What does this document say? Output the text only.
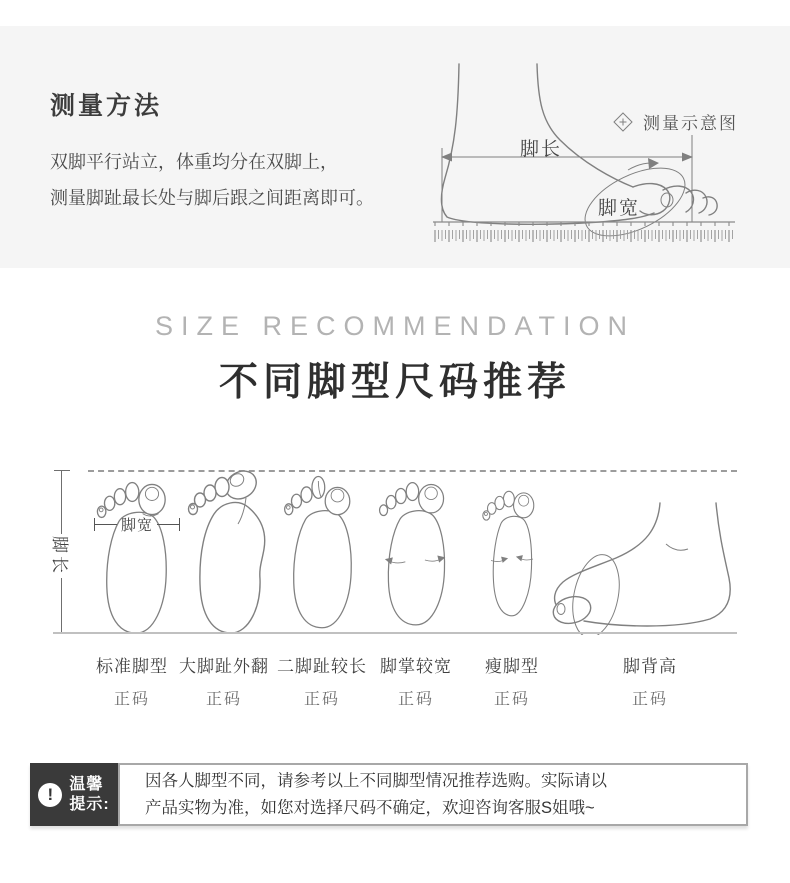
测量示意图
测量方法
双脚平行站立，体重均分在双脚上，
测量脚趾最长处与脚后跟之间距离即可。
脚长
脚宽
SIZE RECOMMENDATION
不同脚型尺码推荐
脚长
脚宽
标准脚型
正码
大脚趾外翻
正码
二脚趾较长
正码
脚掌较宽
正码
瘦脚型
正码
脚背高
正码
!
温馨
提示:
因各人脚型不同，请参考以上不同脚型情况推荐选购。实际请以
产品实物为准，如您对选择尺码不确定，欢迎咨询客服S姐哦~
